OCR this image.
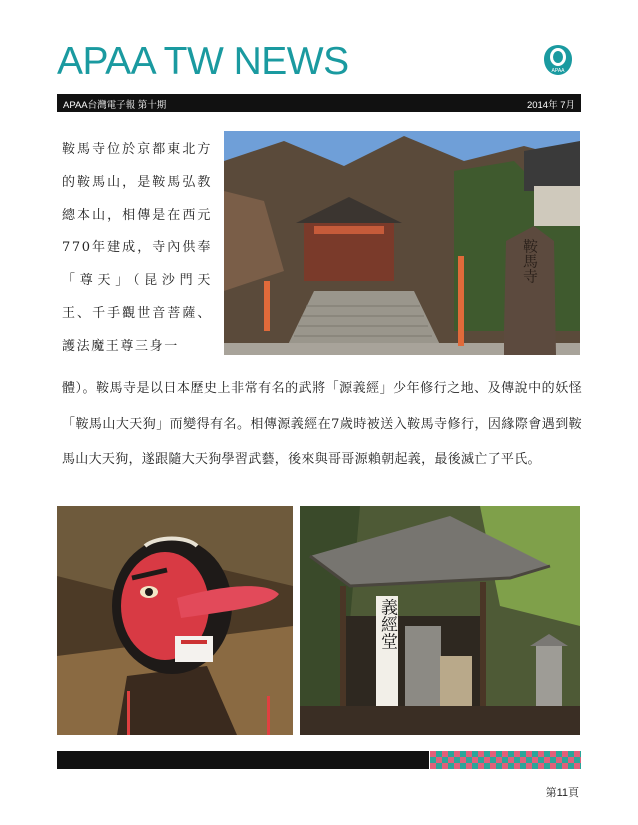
APAA TW NEWS	APAA
APAA台灣電子報 第十期	2014年 7月

鞍馬寺位於京都東北方的鞍馬山，是鞍馬弘教總本山，相傳是在西元770年建成，寺內供奉「尊天」（昆沙門天王、千手觀世音菩薩、護法魔王尊三身一

鞍馬寺

體）。鞍馬寺是以日本歷史上非常有名的武將「源義經」少年修行之地、及傳說中的妖怪「鞍馬山大天狗」而變得有名。相傳源義經在7歲時被送入鞍馬寺修行，因緣際會遇到鞍馬山大天狗，遂跟隨大天狗學習武藝，後來與哥哥源賴朝起義，最後滅亡了平氏。

義經堂
第11頁
